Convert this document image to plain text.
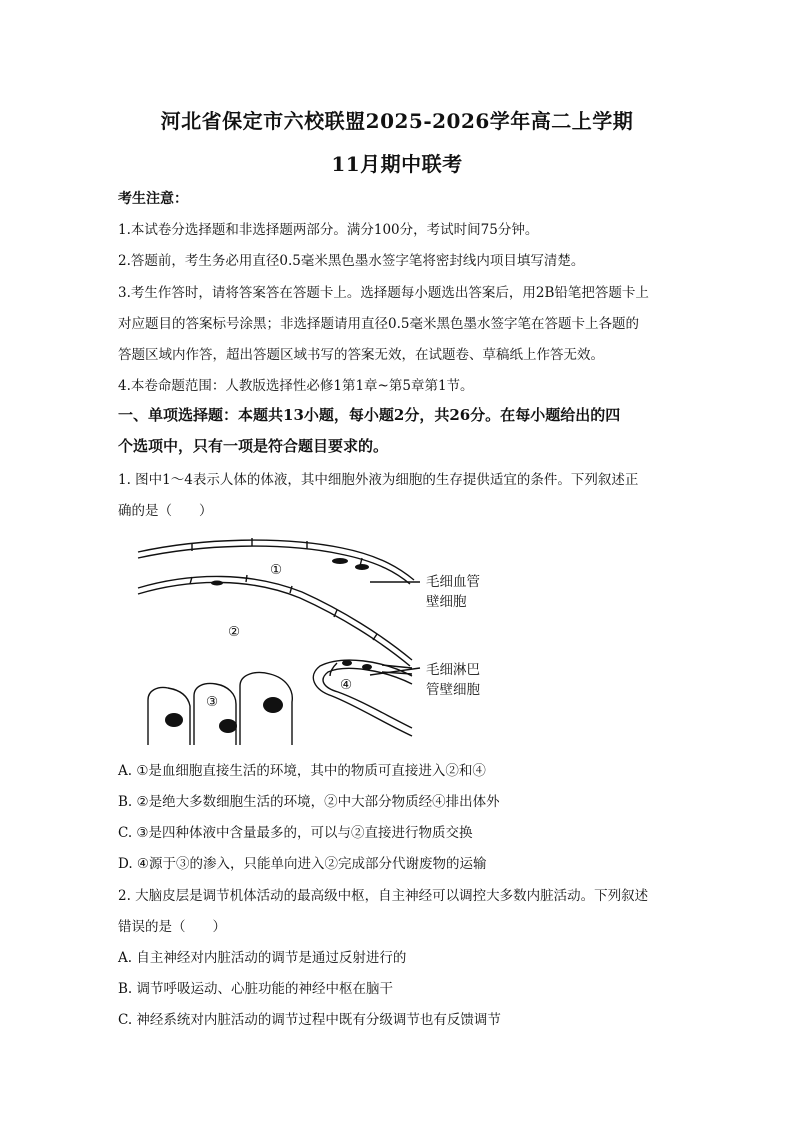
河北省保定市六校联盟2025-2026学年高二上学期
11月期中联考
考生注意：
1.本试卷分选择题和非选择题两部分。满分100分，考试时间75分钟。
2.答题前，考生务必用直径0.5毫米黑色墨水签字笔将密封线内项目填写清楚。
3.考生作答时，请将答案答在答题卡上。选择题每小题选出答案后，用2B铅笔把答题卡上
对应题目的答案标号涂黑；非选择题请用直径0.5毫米黑色墨水签字笔在答题卡上各题的
答题区域内作答，超出答题区域书写的答案无效，在试题卷、草稿纸上作答无效。
4.本卷命题范围：人教版选择性必修1第1章~第5章第1节。
一、单项选择题：本题共13小题，每小题2分，共26分。在每小题给出的四
个选项中，只有一项是符合题目要求的。
1. 图中1～4表示人体的体液，其中细胞外液为细胞的生存提供适宜的条件。下列叙述正
确的是（　　）
①
②
③
④
毛细血管
壁细胞
毛细淋巴
管壁细胞
A. ①是血细胞直接生活的环境，其中的物质可直接进入②和④
B. ②是绝大多数细胞生活的环境，②中大部分物质经④排出体外
C. ③是四种体液中含量最多的，可以与②直接进行物质交换
D. ④源于③的渗入，只能单向进入②完成部分代谢废物的运输
2. 大脑皮层是调节机体活动的最高级中枢，自主神经可以调控大多数内脏活动。下列叙述
错误的是（　　）
A. 自主神经对内脏活动的调节是通过反射进行的
B. 调节呼吸运动、心脏功能的神经中枢在脑干
C. 神经系统对内脏活动的调节过程中既有分级调节也有反馈调节
